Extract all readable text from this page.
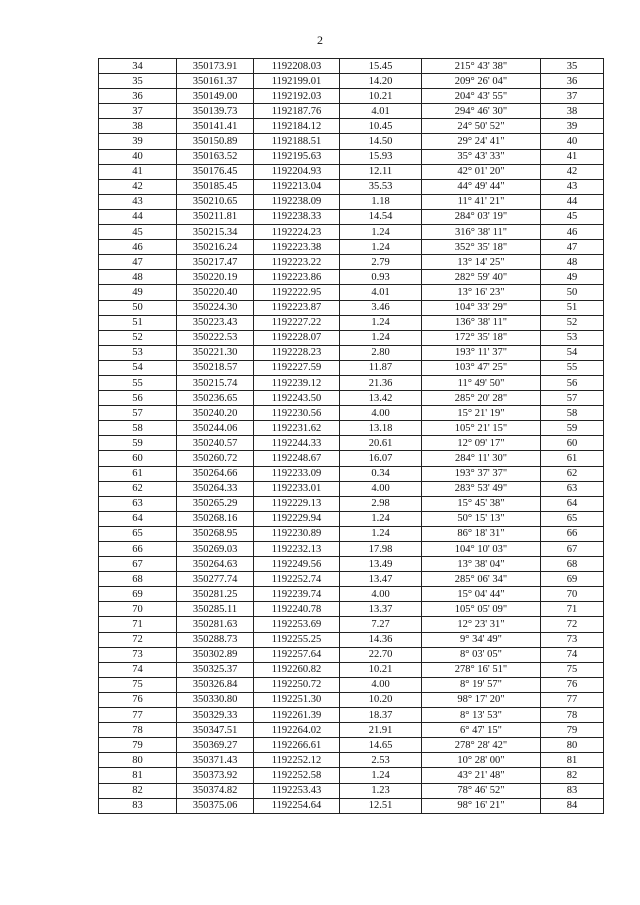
2
34	350173.91	1192208.03	15.45	215° 43' 38"	35
35	350161.37	1192199.01	14.20	209° 26' 04"	36
36	350149.00	1192192.03	10.21	204° 43' 55"	37
37	350139.73	1192187.76	4.01	294° 46' 30"	38
38	350141.41	1192184.12	10.45	24° 50' 52"	39
39	350150.89	1192188.51	14.50	29° 24' 41"	40
40	350163.52	1192195.63	15.93	35° 43' 33"	41
41	350176.45	1192204.93	12.11	42° 01' 20"	42
42	350185.45	1192213.04	35.53	44° 49' 44"	43
43	350210.65	1192238.09	1.18	11° 41' 21"	44
44	350211.81	1192238.33	14.54	284° 03' 19"	45
45	350215.34	1192224.23	1.24	316° 38' 11"	46
46	350216.24	1192223.38	1.24	352° 35' 18"	47
47	350217.47	1192223.22	2.79	13° 14' 25"	48
48	350220.19	1192223.86	0.93	282° 59' 40"	49
49	350220.40	1192222.95	4.01	13° 16' 23"	50
50	350224.30	1192223.87	3.46	104° 33' 29"	51
51	350223.43	1192227.22	1.24	136° 38' 11"	52
52	350222.53	1192228.07	1.24	172° 35' 18"	53
53	350221.30	1192228.23	2.80	193° 11' 37"	54
54	350218.57	1192227.59	11.87	103° 47' 25"	55
55	350215.74	1192239.12	21.36	11° 49' 50"	56
56	350236.65	1192243.50	13.42	285° 20' 28"	57
57	350240.20	1192230.56	4.00	15° 21' 19"	58
58	350244.06	1192231.62	13.18	105° 21' 15"	59
59	350240.57	1192244.33	20.61	12° 09' 17"	60
60	350260.72	1192248.67	16.07	284° 11' 30"	61
61	350264.66	1192233.09	0.34	193° 37' 37"	62
62	350264.33	1192233.01	4.00	283° 53' 49"	63
63	350265.29	1192229.13	2.98	15° 45' 38"	64
64	350268.16	1192229.94	1.24	50° 15' 13"	65
65	350268.95	1192230.89	1.24	86° 18' 31"	66
66	350269.03	1192232.13	17.98	104° 10' 03"	67
67	350264.63	1192249.56	13.49	13° 38' 04"	68
68	350277.74	1192252.74	13.47	285° 06' 34"	69
69	350281.25	1192239.74	4.00	15° 04' 44"	70
70	350285.11	1192240.78	13.37	105° 05' 09"	71
71	350281.63	1192253.69	7.27	12° 23' 31"	72
72	350288.73	1192255.25	14.36	9° 34' 49"	73
73	350302.89	1192257.64	22.70	8° 03' 05"	74
74	350325.37	1192260.82	10.21	278° 16' 51"	75
75	350326.84	1192250.72	4.00	8° 19' 57"	76
76	350330.80	1192251.30	10.20	98° 17' 20"	77
77	350329.33	1192261.39	18.37	8° 13' 53"	78
78	350347.51	1192264.02	21.91	6° 47' 15"	79
79	350369.27	1192266.61	14.65	278° 28' 42"	80
80	350371.43	1192252.12	2.53	10° 28' 00"	81
81	350373.92	1192252.58	1.24	43° 21' 48"	82
82	350374.82	1192253.43	1.23	78° 46' 52"	83
83	350375.06	1192254.64	12.51	98° 16' 21"	84
